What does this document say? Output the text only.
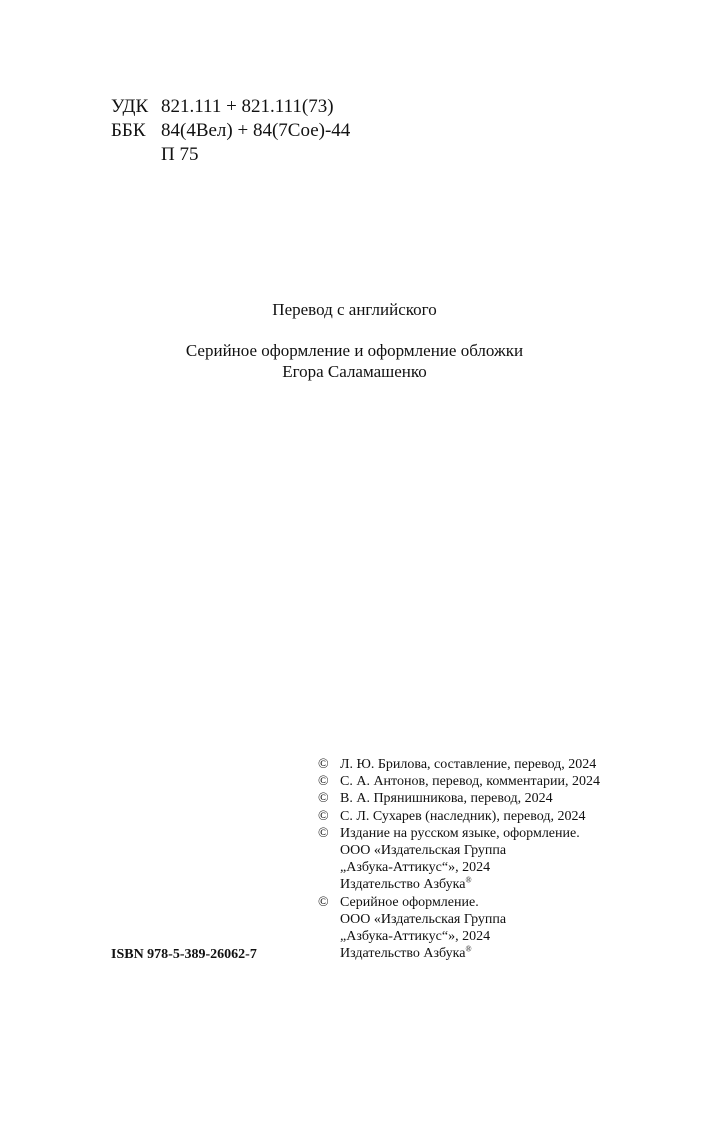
УДК 821.111 + 821.111(73)
ББК 84(4Вел) + 84(7Сое)-44
П 75
Перевод с английского
Серийное оформление и оформление обложки
Егора Саламашенко
ISBN 978-5-389-26062-7
© Л. Ю. Брилова, составление, перевод, 2024
© С. А. Антонов, перевод, комментарии, 2024
© В. А. Прянишникова, перевод, 2024
© С. Л. Сухарев (наследник), перевод, 2024
© Издание на русском языке, оформление.
ООО «Издательская Группа
„Азбука-Аттикус“», 2024
Издательство Азбука®
© Серийное оформление.
ООО «Издательская Группа
„Азбука-Аттикус“», 2024
Издательство Азбука®
